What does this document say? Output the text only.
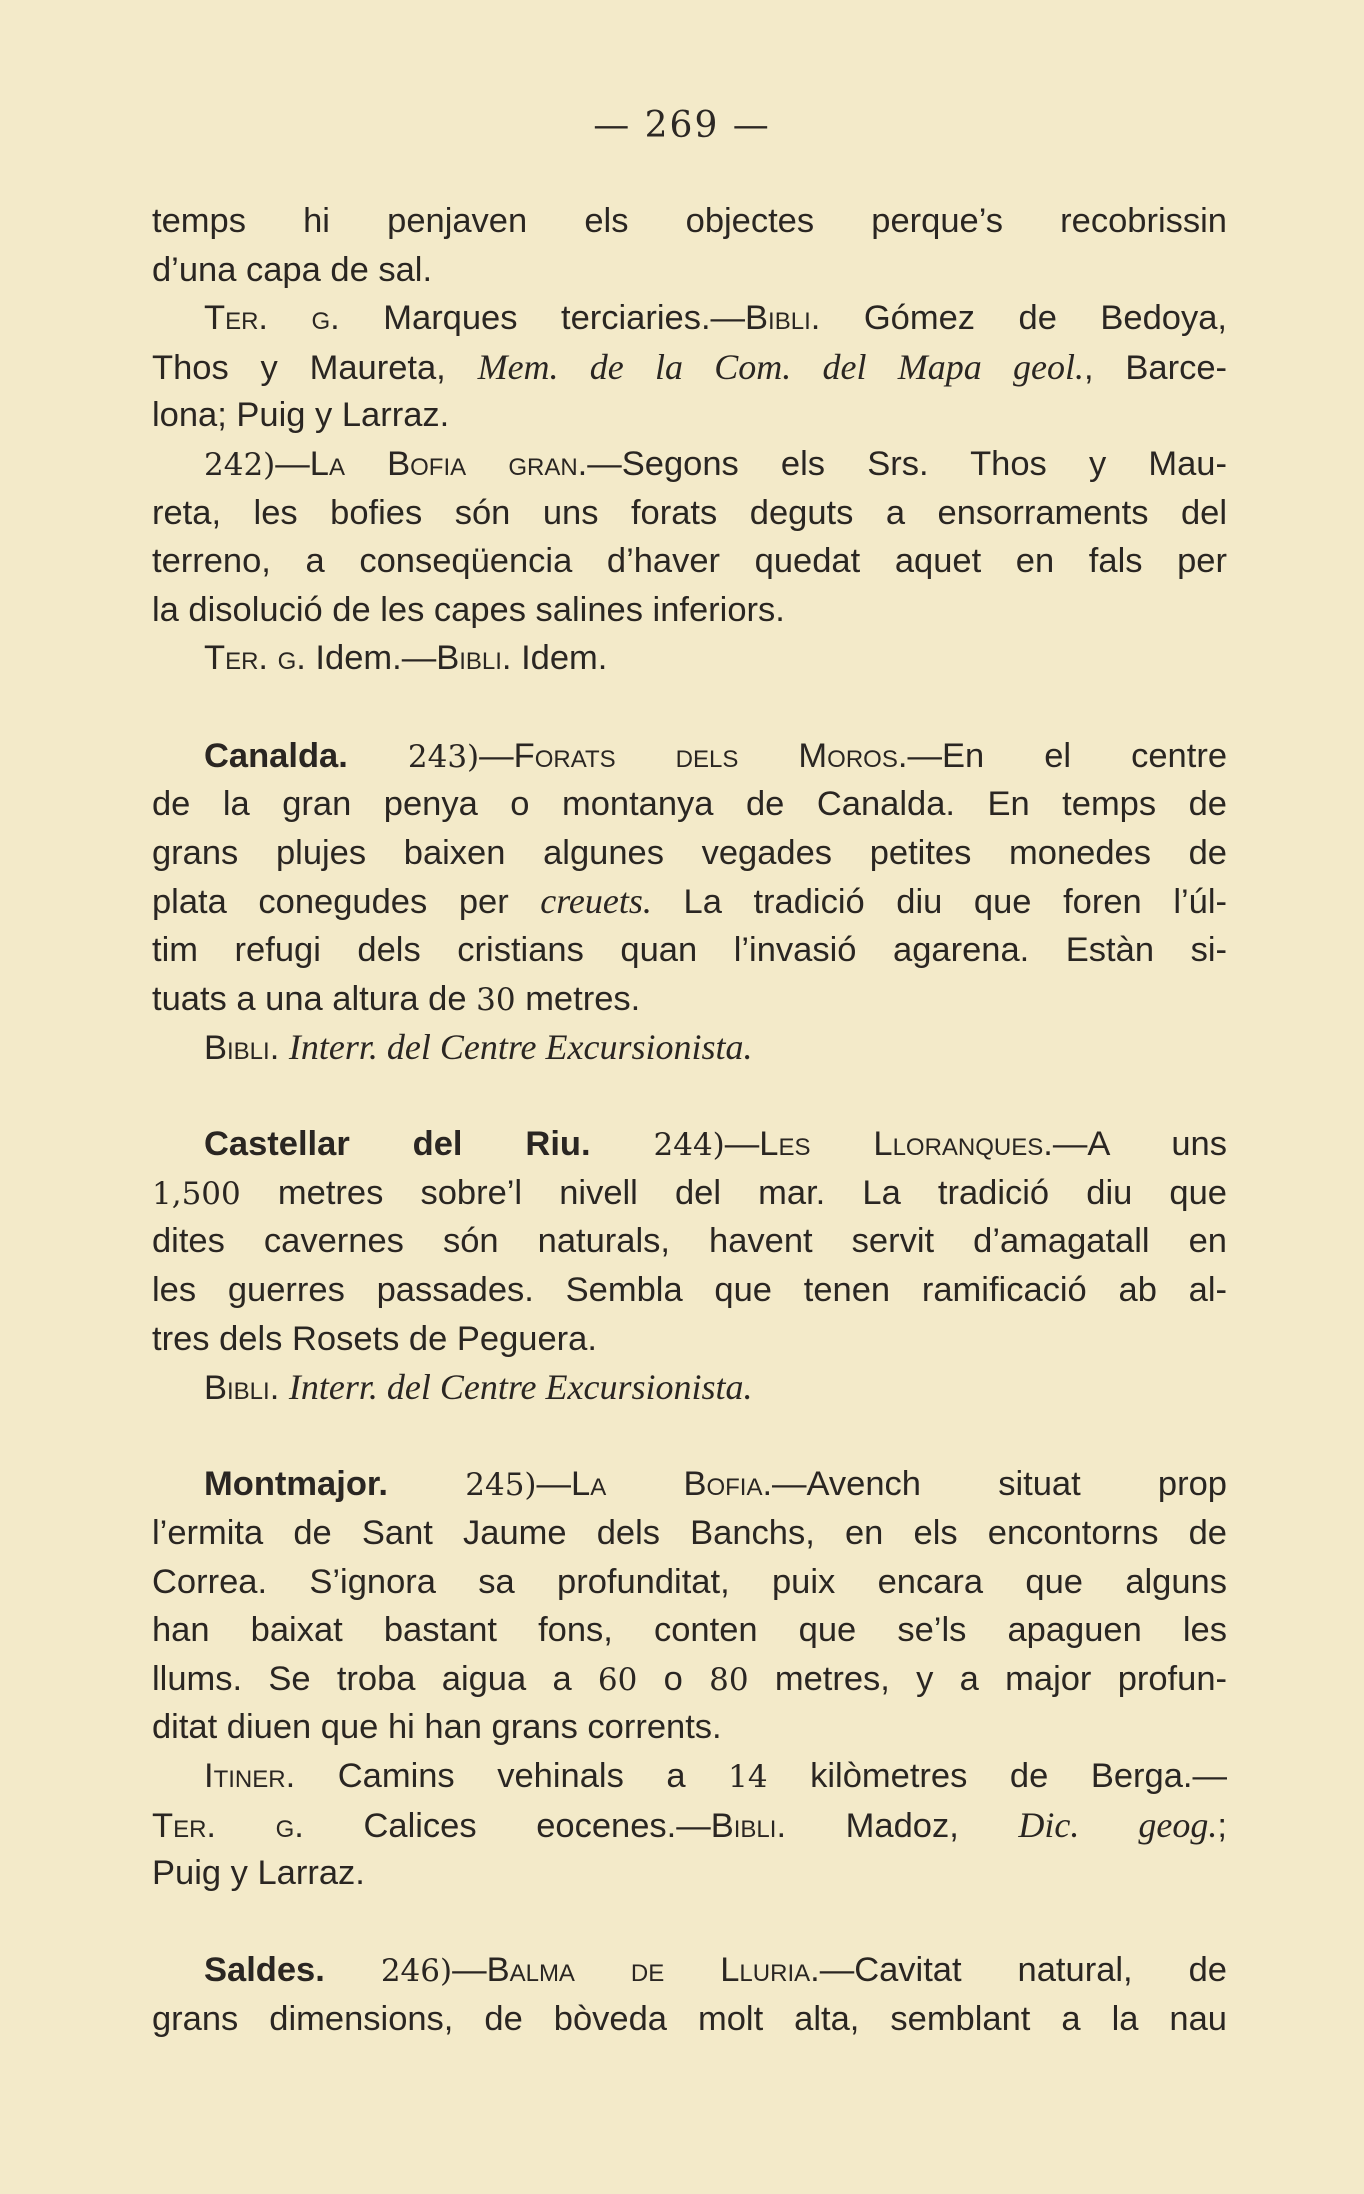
— 269 —
temps hi penjaven els objectes perque’s recobrissin
d’una capa de sal.
Ter. g. Marques terciaries.—Bibli. Gómez de Bedoya,
Thos y Maureta, Mem. de la Com. del Mapa geol., Barce-
lona; Puig y Larraz.
242)—La Bofia gran.—Segons els Srs. Thos y Mau-
reta, les bofies són uns forats deguts a ensorraments del
terreno, a conseqüencia d’haver quedat aquet en fals per
la disolució de les capes salines inferiors.
Ter. g. Idem.—Bibli. Idem.
Canalda. 243)—Forats dels Moros.—En el centre
de la gran penya o montanya de Canalda. En temps de
grans plujes baixen algunes vegades petites monedes de
plata conegudes per creuets. La tradició diu que foren l’úl-
tim refugi dels cristians quan l’invasió agarena. Estàn si-
tuats a una altura de 30 metres.
Bibli. Interr. del Centre Excursionista.
Castellar del Riu. 244)—Les Lloranques.—A uns
1,500 metres sobre’l nivell del mar. La tradició diu que
dites cavernes són naturals, havent servit d’amagatall en
les guerres passades. Sembla que tenen ramificació ab al-
tres dels Rosets de Peguera.
Bibli. Interr. del Centre Excursionista.
Montmajor. 245)—La Bofia.—Avench situat prop
l’ermita de Sant Jaume dels Banchs, en els encontorns de
Correa. S’ignora sa profunditat, puix encara que alguns
han baixat bastant fons, conten que se’ls apaguen les
llums. Se troba aigua a 60 o 80 metres, y a major profun-
ditat diuen que hi han grans corrents.
Itiner. Camins vehinals a 14 kilòmetres de Berga.—
Ter. g. Calices eocenes.—Bibli. Madoz, Dic. geog.;
Puig y Larraz.
Saldes. 246)—Balma de Lluria.—Cavitat natural, de
grans dimensions, de bòveda molt alta, semblant a la nau
